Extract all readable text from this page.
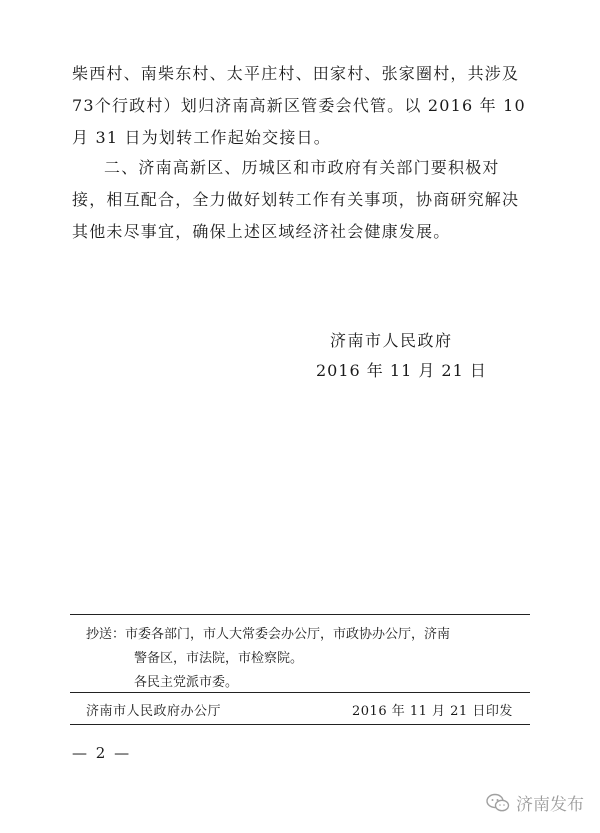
柴西村、南柴东村、太平庄村、田家村、张家圈村，共涉及

73个行政村）划归济南高新区管委会代管。以 2016 年 10

月 31 日为划转工作起始交接日。

二、济南高新区、历城区和市政府有关部门要积极对接，相互配合，全力做好划转工作有关事项，协商研究解决其他未尽事宜，确保上述区域经济社会健康发展。

济南市人民政府
2016 年 11 月 21 日
抄送：市委各部门，市人大常委会办公厅，市政协办公厅，济南
警备区，市法院，市检察院。
各民主党派市委。
济南市人民政府办公厅	2016 年 11 月 21 日印发
— 2 —
济南发布
